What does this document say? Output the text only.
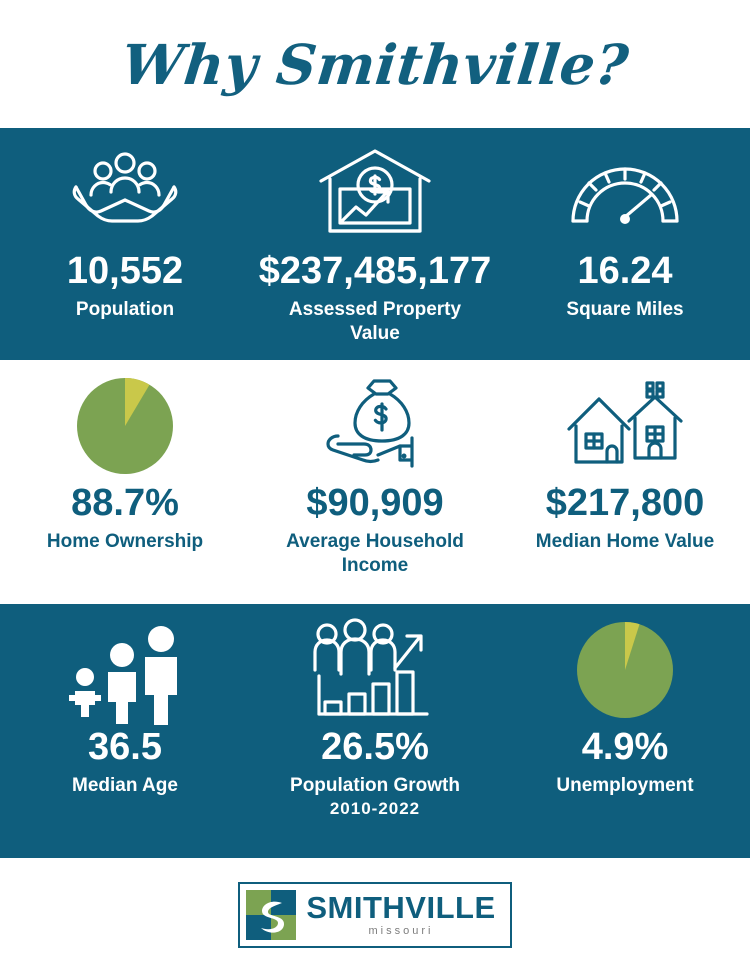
Why Smithville?
10,552
Population
$237,485,177
Assessed Property Value
16.24
Square Miles
88.7%
Home Ownership
$90,909
Average Household Income
$217,800
Median Home Value
36.5
Median Age
26.5%
Population Growth
2010-2022
4.9%
Unemployment
SMITHVILLE
missouri
